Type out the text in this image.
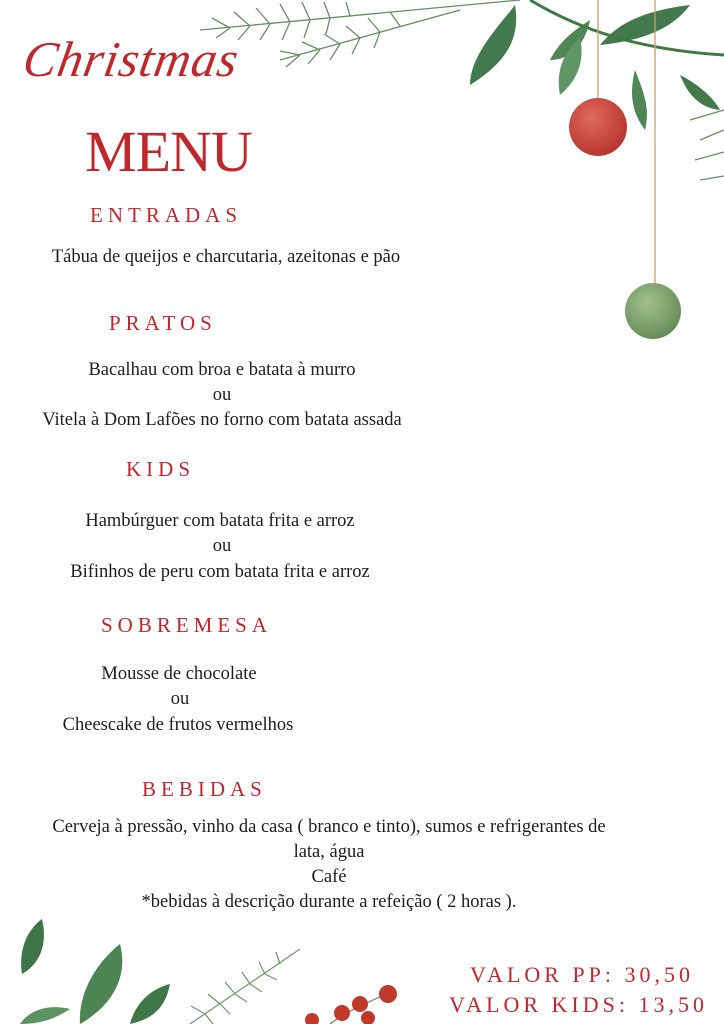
Christmas
MENU
ENTRADAS
Tábua de queijos e charcutaria, azeitonas e pão
PRATOS
Bacalhau com broa e batata à murro
ou
Vitela à Dom Lafões no forno com batata assada
KIDS
Hambúrguer com batata frita e arroz
ou
Bifinhos de peru com batata frita e arroz
SOBREMESA
Mousse de chocolate
ou
Cheescake de frutos vermelhos
BEBIDAS
Cerveja à pressão, vinho da casa ( branco e tinto), sumos e refrigerantes de
lata, água
Café
*bebidas à descrição durante a refeição ( 2 horas ).
VALOR PP: 30,50
VALOR KIDS: 13,50
